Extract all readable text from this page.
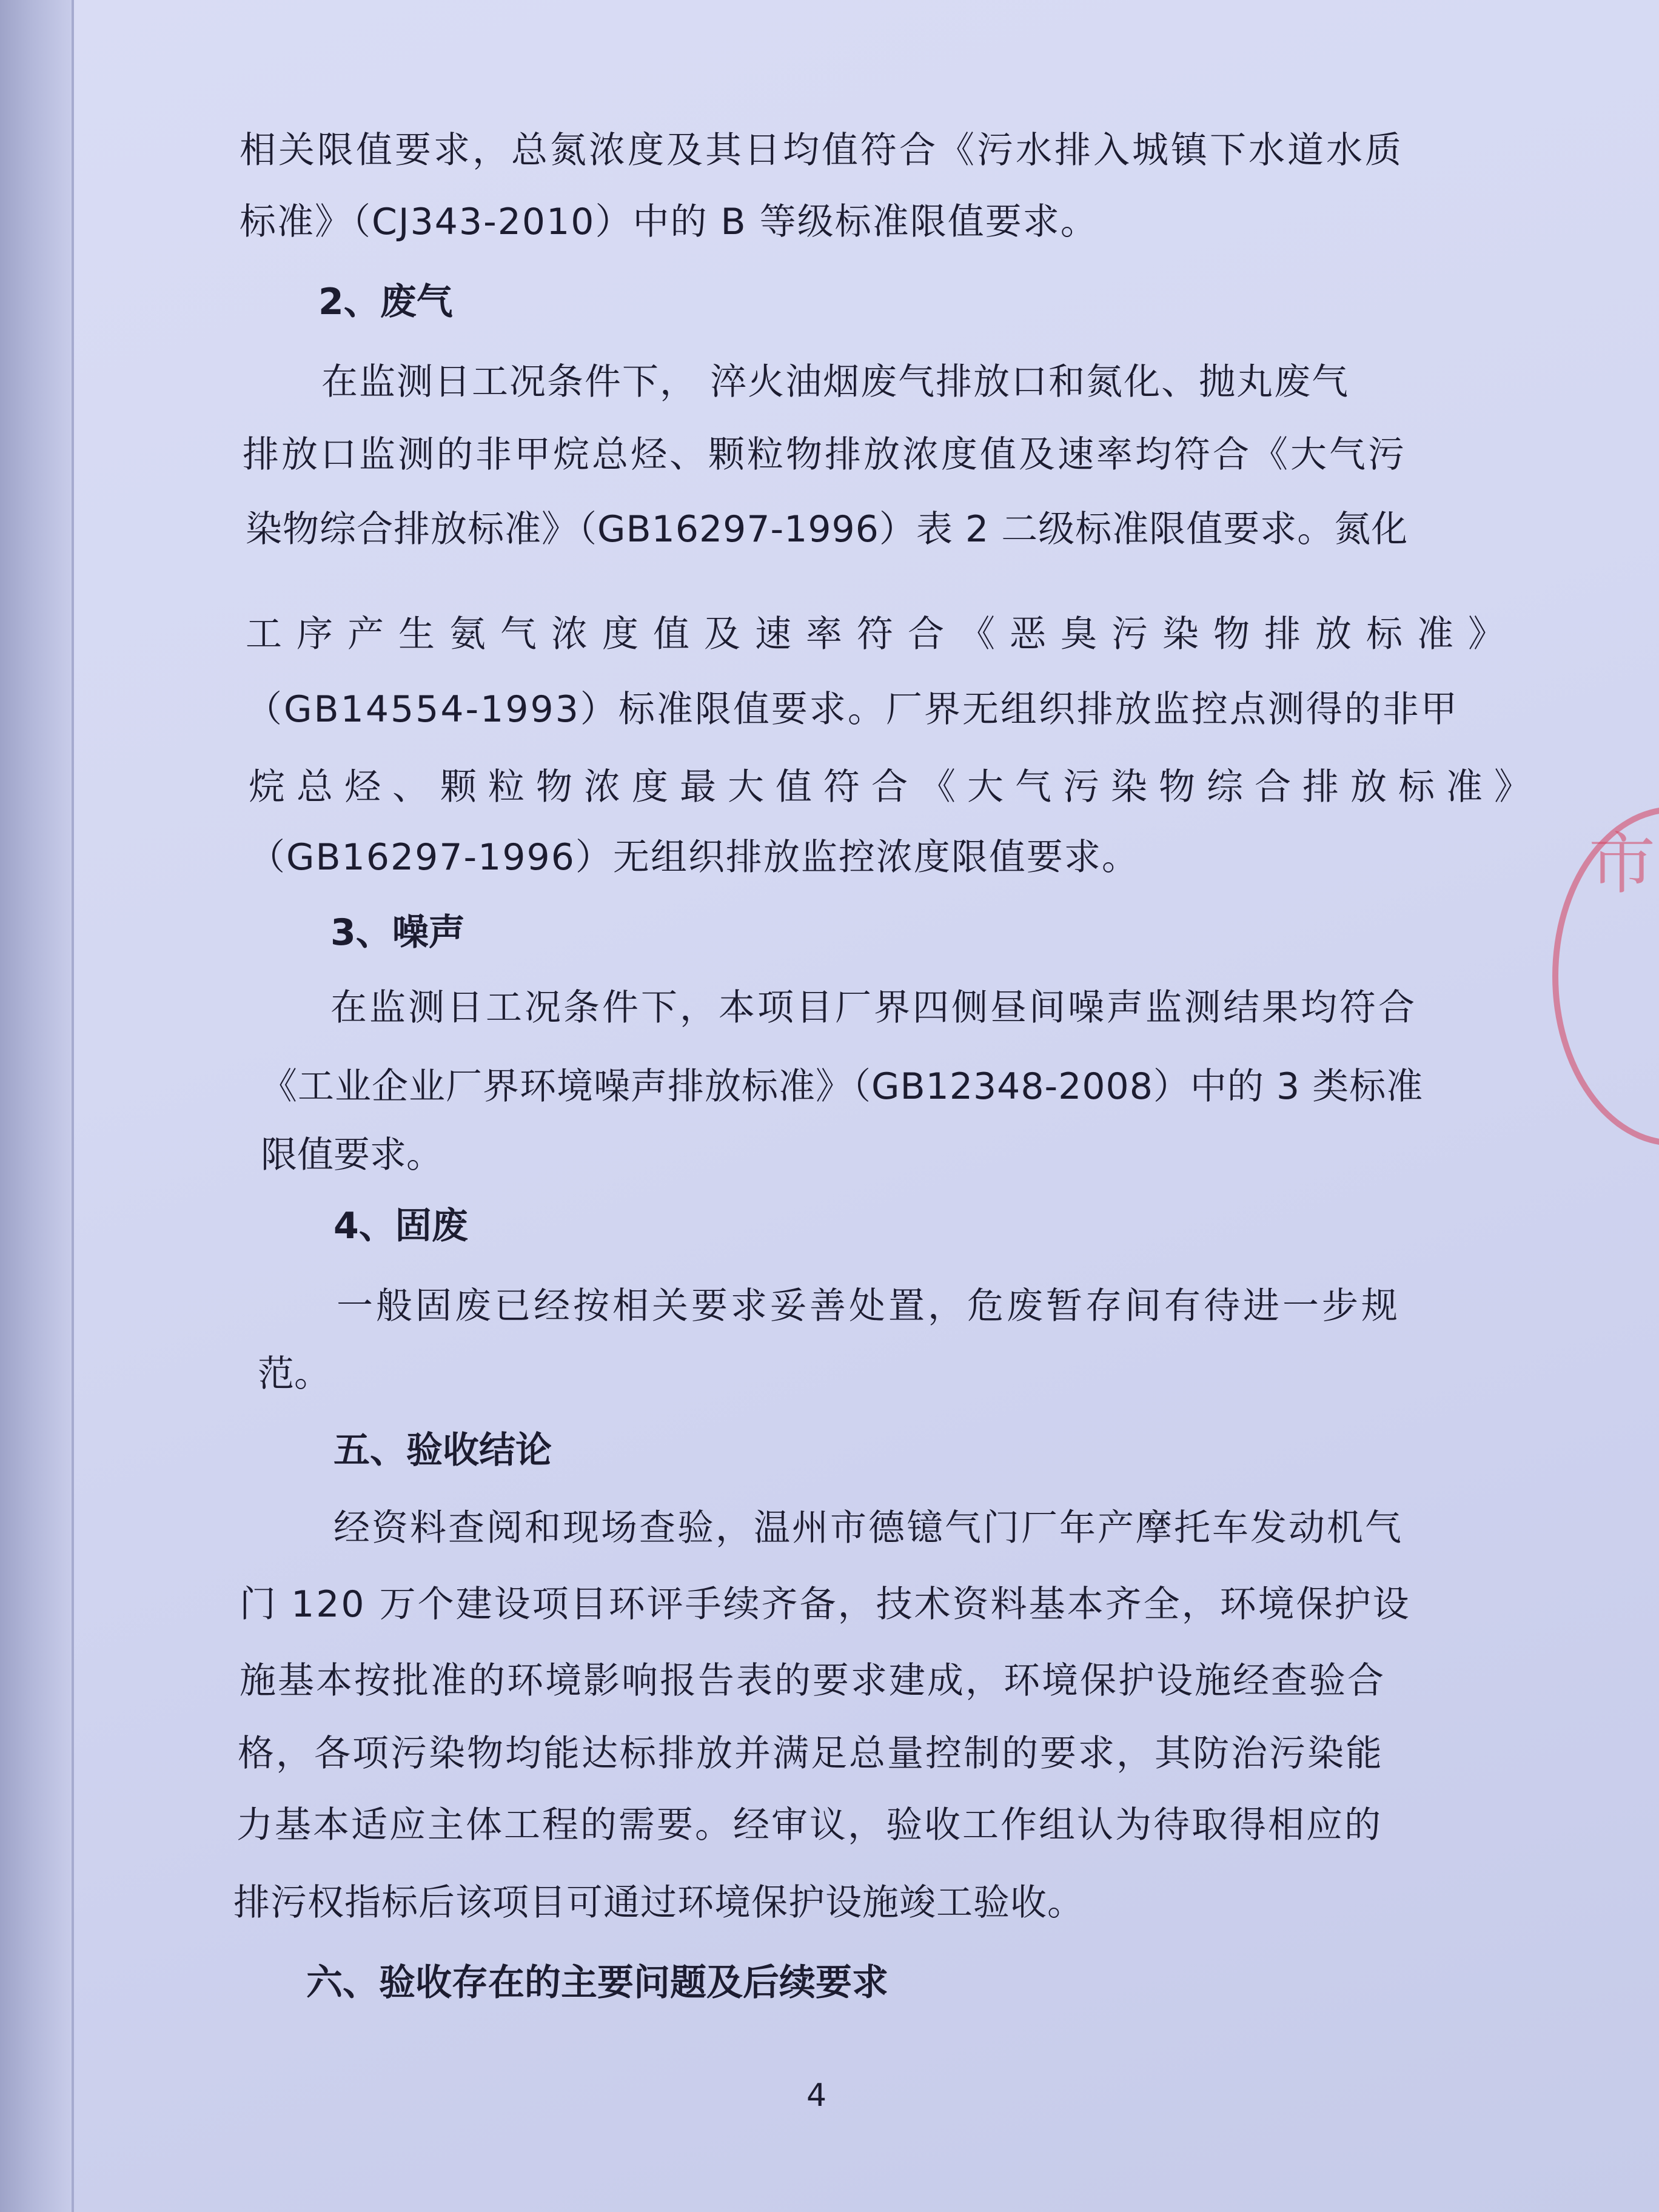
市
相关限值要求，总氮浓度及其日均值符合《污水排入城镇下水道水质
标准》（CJ343-2010）中的 B 等级标准限值要求。
2、废气
在监测日工况条件下， 淬火油烟废气排放口和氮化、抛丸废气
排放口监测的非甲烷总烃、颗粒物排放浓度值及速率均符合《大气污
染物综合排放标准》（GB16297-1996）表 2 二级标准限值要求。氮化
工序产生氨气浓度值及速率符合《恶臭污染物排放标准》
（GB14554-1993）标准限值要求。厂界无组织排放监控点测得的非甲
烷总烃、颗粒物浓度最大值符合《大气污染物综合排放标准》
（GB16297-1996）无组织排放监控浓度限值要求。
3、噪声
在监测日工况条件下，本项目厂界四侧昼间噪声监测结果均符合
《工业企业厂界环境噪声排放标准》（GB12348-2008）中的 3 类标准
限值要求。
4、固废
一般固废已经按相关要求妥善处置，危废暂存间有待进一步规
范。
五、验收结论
经资料查阅和现场查验，温州市德镱气门厂年产摩托车发动机气
门 120 万个建设项目环评手续齐备，技术资料基本齐全，环境保护设
施基本按批准的环境影响报告表的要求建成，环境保护设施经查验合
格，各项污染物均能达标排放并满足总量控制的要求，其防治污染能
力基本适应主体工程的需要。经审议，验收工作组认为待取得相应的
排污权指标后该项目可通过环境保护设施竣工验收。
六、验收存在的主要问题及后续要求
4
